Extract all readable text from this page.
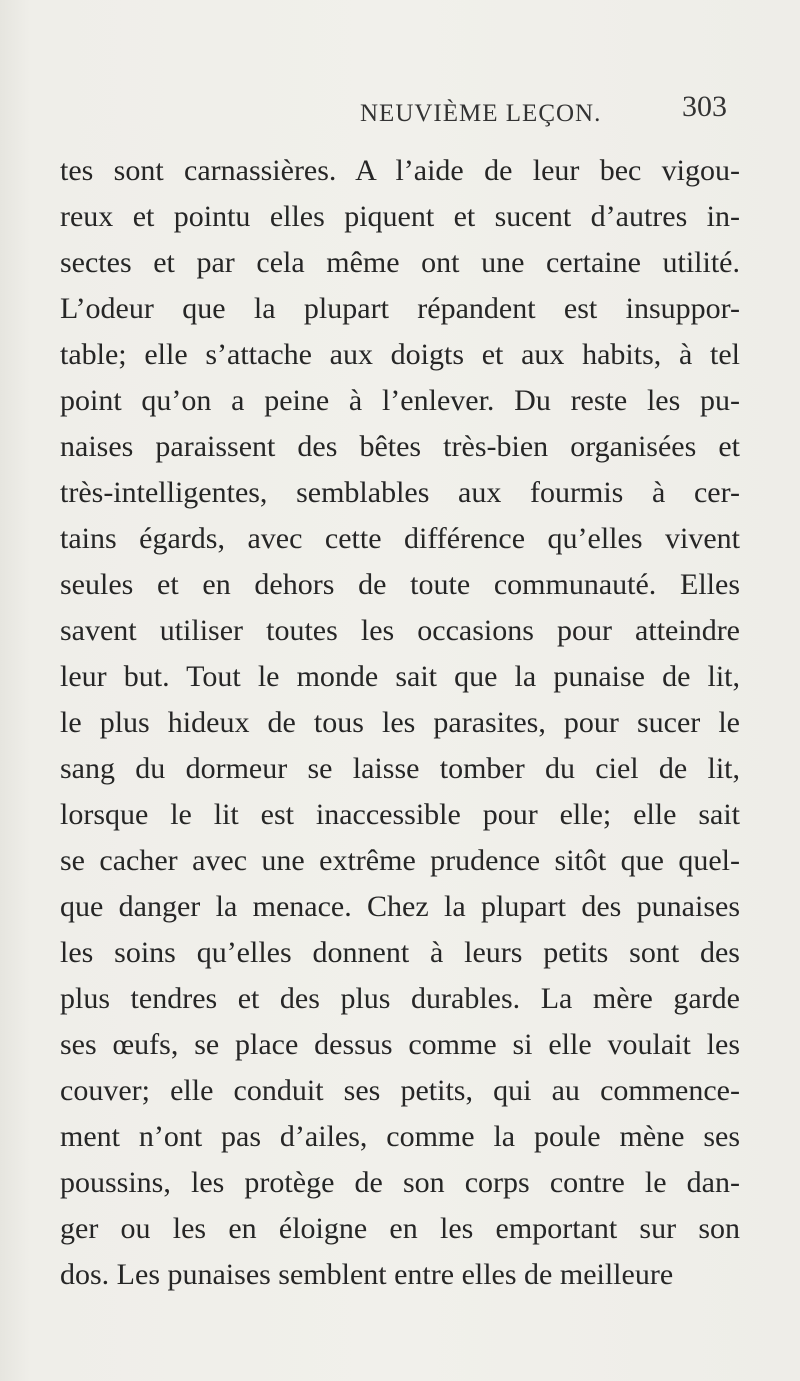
NEUVIÈME LEÇON.	303
tes sont carnassières. A l’aide de leur bec vigou-
reux et pointu elles piquent et sucent d’autres in-
sectes et par cela même ont une certaine utilité.
L’odeur que la plupart répandent est insuppor-
table; elle s’attache aux doigts et aux habits, à tel
point qu’on a peine à l’enlever. Du reste les pu-
naises paraissent des bêtes très-bien organisées et
très-intelligentes, semblables aux fourmis à cer-
tains égards, avec cette différence qu’elles vivent
seules et en dehors de toute communauté. Elles
savent utiliser toutes les occasions pour atteindre
leur but. Tout le monde sait que la punaise de lit,
le plus hideux de tous les parasites, pour sucer le
sang du dormeur se laisse tomber du ciel de lit,
lorsque le lit est inaccessible pour elle; elle sait
se cacher avec une extrême prudence sitôt que quel-
que danger la menace. Chez la plupart des punaises
les soins qu’elles donnent à leurs petits sont des
plus tendres et des plus durables. La mère garde
ses œufs, se place dessus comme si elle voulait les
couver; elle conduit ses petits, qui au commence-
ment n’ont pas d’ailes, comme la poule mène ses
poussins, les protège de son corps contre le dan-
ger ou les en éloigne en les emportant sur son
dos. Les punaises semblent entre elles de meilleure
